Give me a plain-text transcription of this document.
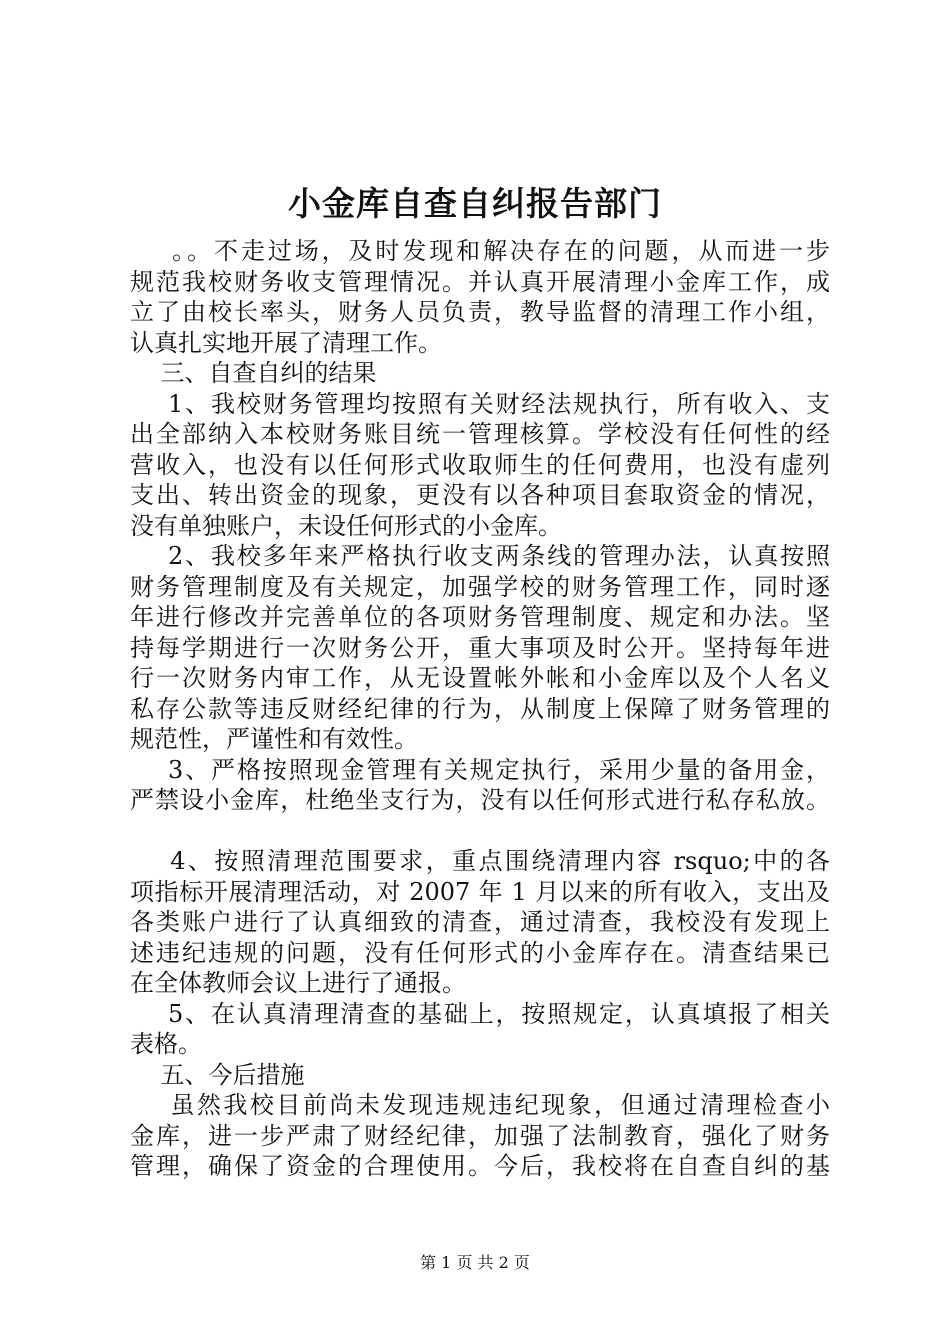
小金库自查自纠报告部门
。。不走过场，及时发现和解决存在的问题，从而进一步
规范我校财务收支管理情况。并认真开展清理小金库工作，成
立了由校长率头，财务人员负责，教导监督的清理工作小组，
认真扎实地开展了清理工作。
三、自查自纠的结果
1、我校财务管理均按照有关财经法规执行，所有收入、支
出全部纳入本校财务账目统一管理核算。学校没有任何性的经
营收入，也没有以任何形式收取师生的任何费用，也没有虚列
支出、转出资金的现象，更没有以各种项目套取资金的情况，
没有单独账户，未设任何形式的小金库。
2、我校多年来严格执行收支两条线的管理办法，认真按照
财务管理制度及有关规定，加强学校的财务管理工作，同时逐
年进行修改并完善单位的各项财务管理制度、规定和办法。坚
持每学期进行一次财务公开，重大事项及时公开。坚持每年进
行一次财务内审工作，从无设置帐外帐和小金库以及个人名义
私存公款等违反财经纪律的行为，从制度上保障了财务管理的
规范性，严谨性和有效性。
3、严格按照现金管理有关规定执行，采用少量的备用金，
严禁设小金库，杜绝坐支行为，没有以任何形式进行私存私放。
4、按照清理范围要求，重点围绕清理内容 rsquo;中的各
项指标开展清理活动，对 2007 年 1 月以来的所有收入，支出及
各类账户进行了认真细致的清查，通过清查，我校没有发现上
述违纪违规的问题，没有任何形式的小金库存在。清查结果已
在全体教师会议上进行了通报。
5、在认真清理清查的基础上，按照规定，认真填报了相关
表格。
五、今后措施
虽然我校目前尚未发现违规违纪现象，但通过清理检查小
金库，进一步严肃了财经纪律，加强了法制教育，强化了财务
管理，确保了资金的合理使用。今后，我校将在自查自纠的基
第 1 页 共 2 页
